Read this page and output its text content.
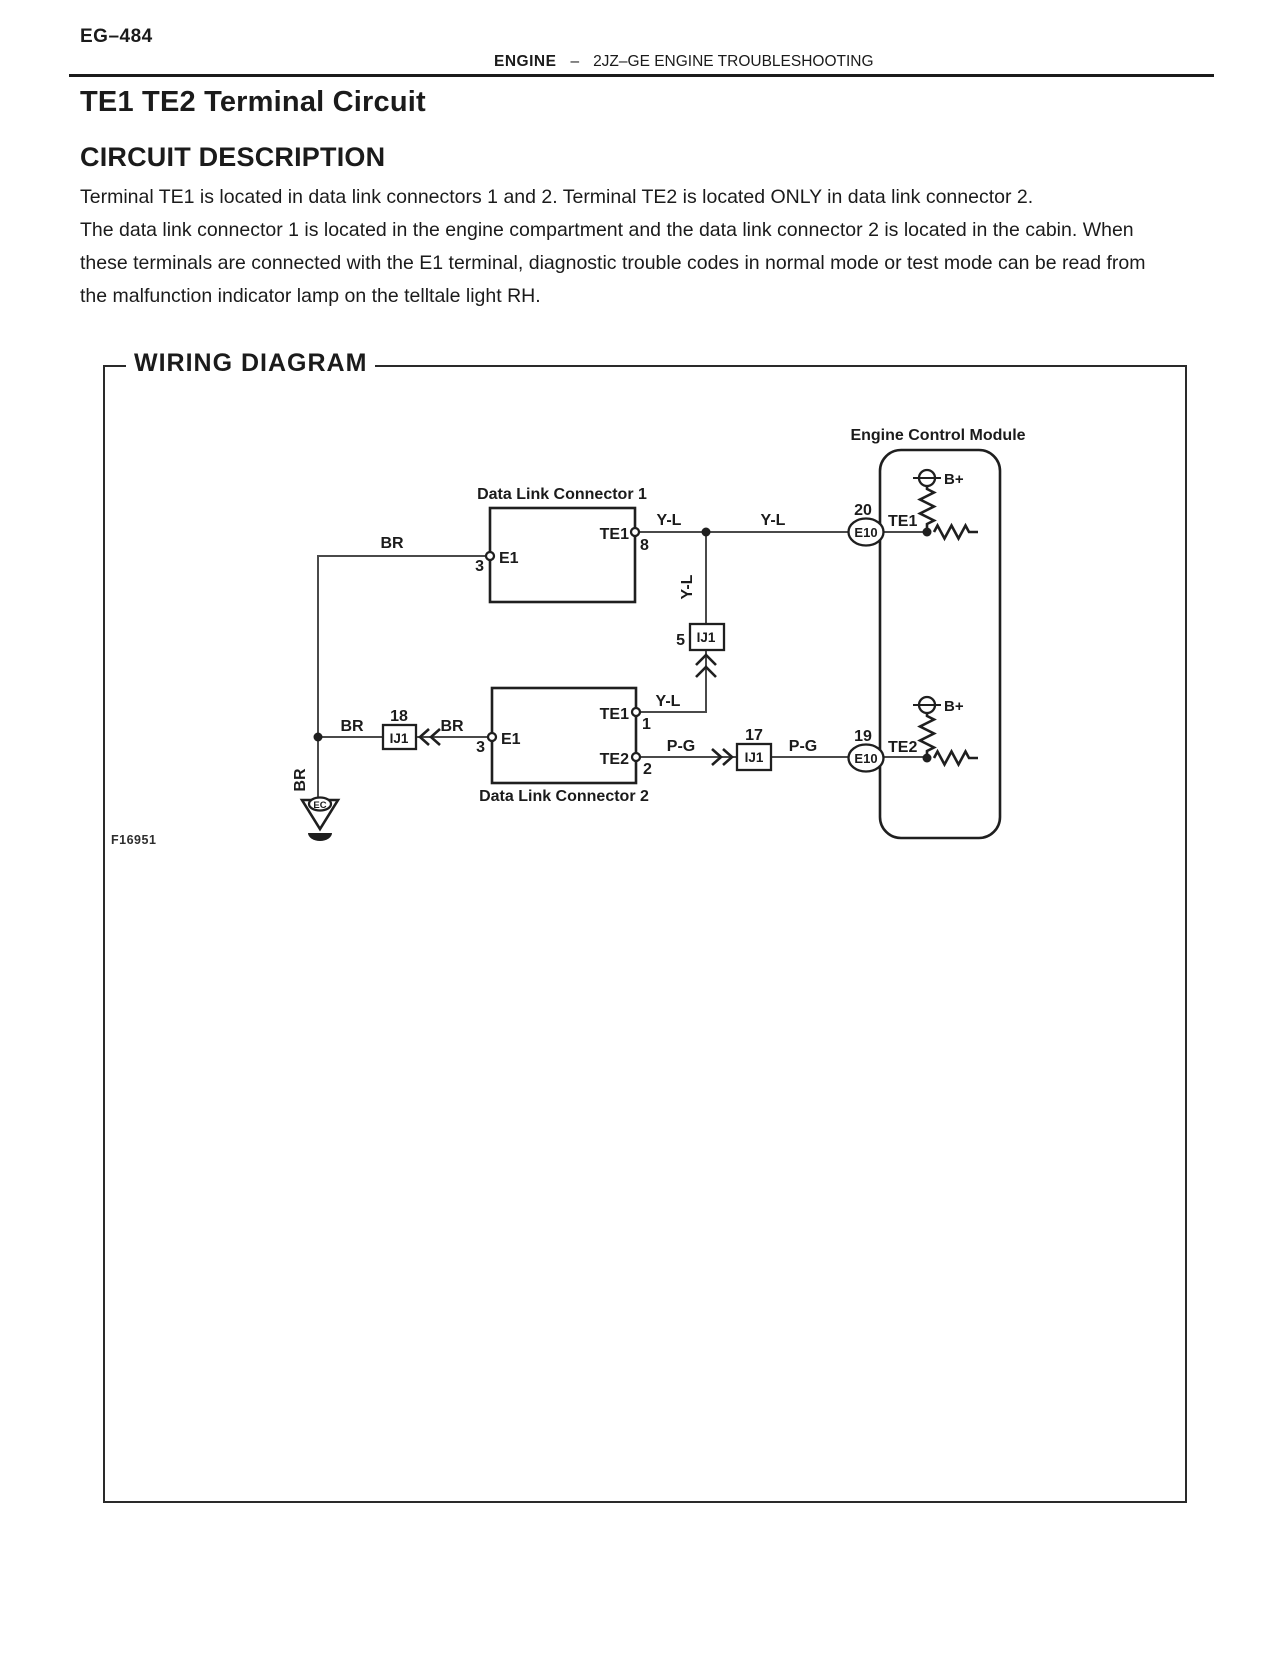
EG–484
ENGINE – 2JZ–GE ENGINE TROUBLESHOOTING
TE1 TE2 Terminal Circuit
CIRCUIT DESCRIPTION

Terminal TE1 is located in data link connectors 1 and 2. Terminal TE2 is located ONLY in data link connector 2.

The data link connector 1 is located in the engine compartment and the data link connector 2 is located in the cabin. When these terminals are connected with the E1 terminal, diagnostic trouble codes in normal mode or test mode can be read from the malfunction indicator lamp on the telltale light RH.

WIRING DIAGRAM
F16951
EC
Engine Control Module
B+
B+
20
19
E10
E10
TE1
TE2
Data Link Connector 1
TE1
8
E1
3
Data Link Connector 2
TE1
1
TE2
2
E1
3
IJ1
5
IJ1
17
IJ1
18
BR
BR	BR
BR
Y-L	Y-L
Y-L
Y-L
P-G	P-G
